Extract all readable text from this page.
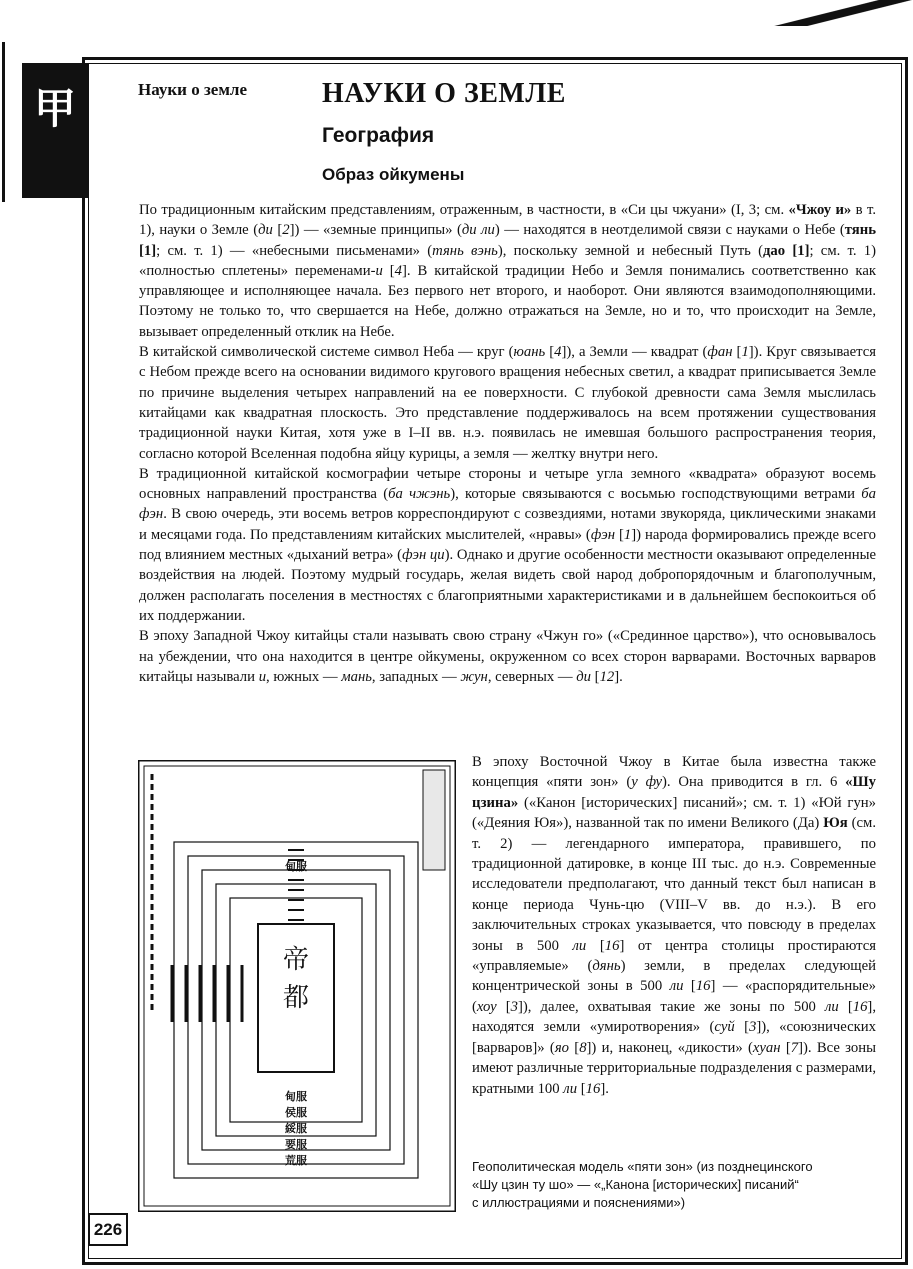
甲	Науки о земле	НАУКИ О ЗЕМЛЕ
География
Образ ойкумены

По традиционным китайским представлениям, отраженным, в частности, в «Си цы чжуани» (I, 3; см. «Чжоу и» в т. 1), науки о Земле (ди [2]) — «земные принципы» (ди ли) — находятся в неотделимой связи с науками о Небе (тянь [1]; см. т. 1) — «небесными письменами» (тянь вэнь), поскольку земной и небесный Путь (дао [1]; см. т. 1) «полностью сплетены» переменами-и [4]. В китайской традиции Небо и Земля понимались соответственно как управляющее и исполняющее начала. Без первого нет второго, и наоборот. Они являются взаимодополняющими. Поэтому не только то, что свершается на Небе, должно отражаться на Земле, но и то, что происходит на Земле, вызывает определенный отклик на Небе.

В китайской символической системе символ Неба — круг (юань [4]), а Земли — квадрат (фан [1]). Круг связывается с Небом прежде всего на основании видимого кругового вращения небесных светил, а квадрат приписывается Земле по причине выделения четырех направлений на ее поверхности. С глубокой древности сама Земля мыслилась китайцами как квадратная плоскость. Это представление поддерживалось на всем протяжении существования традиционной науки Китая, хотя уже в I–II вв. н.э. появилась не имевшая большого распространения теория, согласно которой Вселенная подобна яйцу курицы, а земля — желтку внутри него.

В традиционной китайской космографии четыре стороны и четыре угла земного «квадрата» образуют восемь основных направлений пространства (ба чжэнь), которые связываются с восьмью господствующими ветрами ба фэн. В свою очередь, эти восемь ветров корреспондируют с созвездиями, нотами звукоряда, циклическими знаками и месяцами года. По представлениям китайских мыслителей, «нравы» (фэн [1]) народа формировались прежде всего под влиянием местных «дыханий ветра» (фэн ци). Однако и другие особенности местности оказывают определенные воздействия на людей. Поэтому мудрый государь, желая видеть свой народ добропорядочным и благополучным, должен располагать поселения в местностях с благоприятными характеристиками и в дальнейшем беспокоиться об их поддержании.

В эпоху Западной Чжоу китайцы стали называть свою страну «Чжун го» («Срединное царство»), что основывалось на убеждении, что она находится в центре ойкумены, окруженном со всех сторон варварами. Восточных варваров китайцы называли и, южных — мань, западных — жун, северных — ди [12].

В эпоху Восточной Чжоу в Китае была известна также концепция «пяти зон» (у фу). Она приводится в гл. 6 «Шу цзина» («Канон [исторических] писаний»; см. т. 1) «Юй гун» («Деяния Юя»), названной так по имени Великого (Да) Юя (см. т. 2) — легендарного императора, правившего, по традиционной датировке, в конце III тыс. до н.э. Современные исследователи предполагают, что данный текст был написан в конце периода Чунь-цю (VIII–V вв. до н.э.). В его заключительных строках указывается, что повсюду в пределах зоны в 500 ли [16] от центра столицы простираются «управляемые» (дянь) земли, в пределах следующей концентрической зоны в 500 ли [16] — «распорядительные» (хоу [3]), далее, охватывая такие же зоны по 500 ли [16], находятся земли «умиротворения» (суй [3]), «союзнических [варваров]» (яо [8]) и, наконец, «дикости» (хуан [7]). Все зоны имеют различные территориальные подразделения с размерами, кратными 100 ли [16].

甸服
甸服
侯服
綏服
要服
荒服
帝
都

Геополитическая модель «пяти зон» (из позднецинского

«Шу цзин ту шо» — «„Канона [исторических] писаний“

с иллюстрациями и пояснениями»)

226
